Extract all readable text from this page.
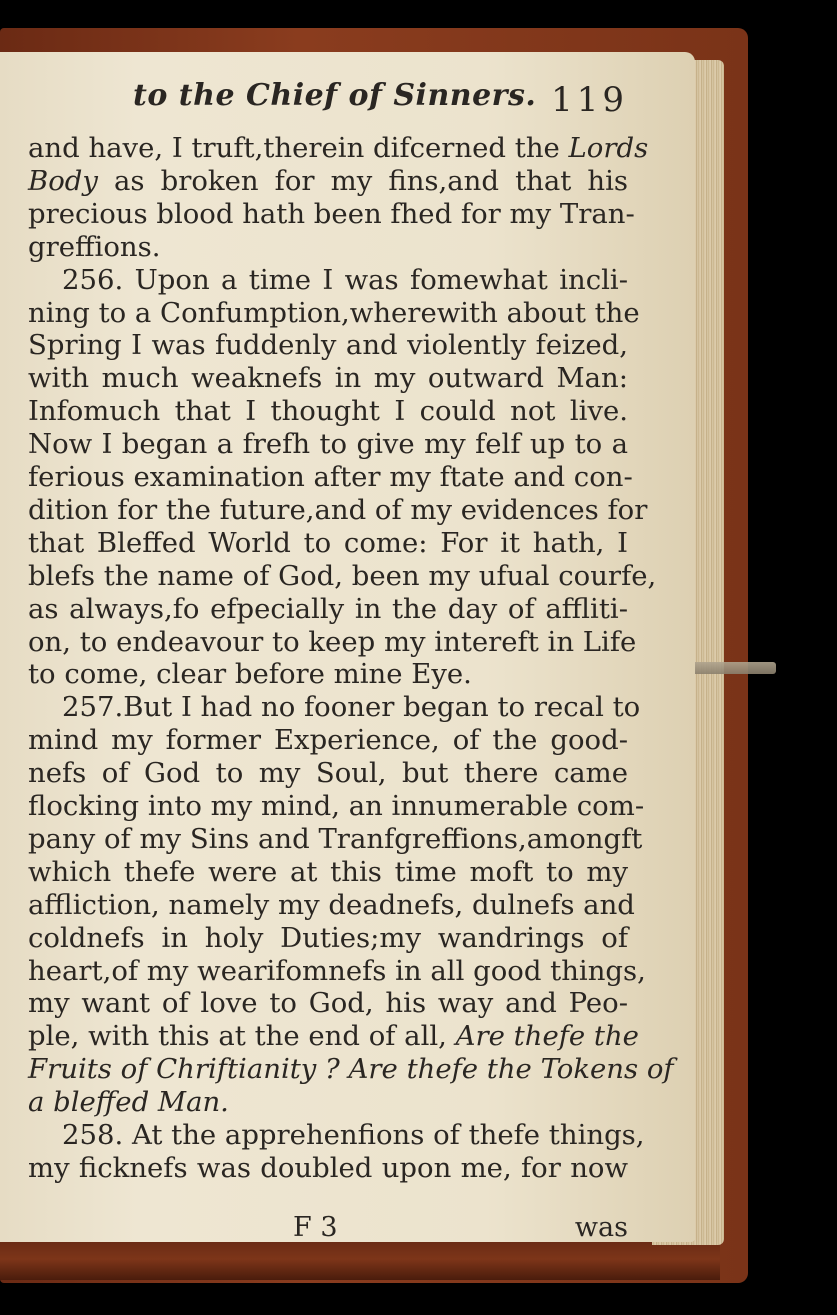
to the Chief of Sinners. 119
and have, I truft,therein difcerned the Lords
Body as broken for my fins,and that his
precious blood hath been fhed for my Tran-
greffions.
256. Upon a time I was fomewhat incli-
ning to a Confumption,wherewith about the
Spring I was fuddenly and violently feized,
with much weaknefs in my outward Man:
Infomuch that I thought I could not live.
Now I began a frefh to give my felf up to a
ferious examination after my ftate and con-
dition for the future,and of my evidences for
that Bleffed World to come: For it hath, I
blefs the name of God, been my ufual courfe,
as always,fo efpecially in the day of affliti-
on, to endeavour to keep my intereft in Life
to come, clear before mine Eye.
257.But I had no fooner began to recal to
mind my former Experience, of the good-
nefs of God to my Soul, but there came
flocking into my mind, an innumerable com-
pany of my Sins and Tranfgreffions,amongft
which thefe were at this time moft to my
affliction, namely my deadnefs, dulnefs and
coldnefs in holy Duties;my wandrings of
heart,of my wearifomnefs in all good things,
my want of love to God, his way and Peo-
ple, with this at the end of all, Are thefe the
Fruits of Chriftianity ? Are thefe the Tokens of
a bleffed Man.
258. At the apprehenfions of thefe things,
my ficknefs was doubled upon me, for now
F 3	was
